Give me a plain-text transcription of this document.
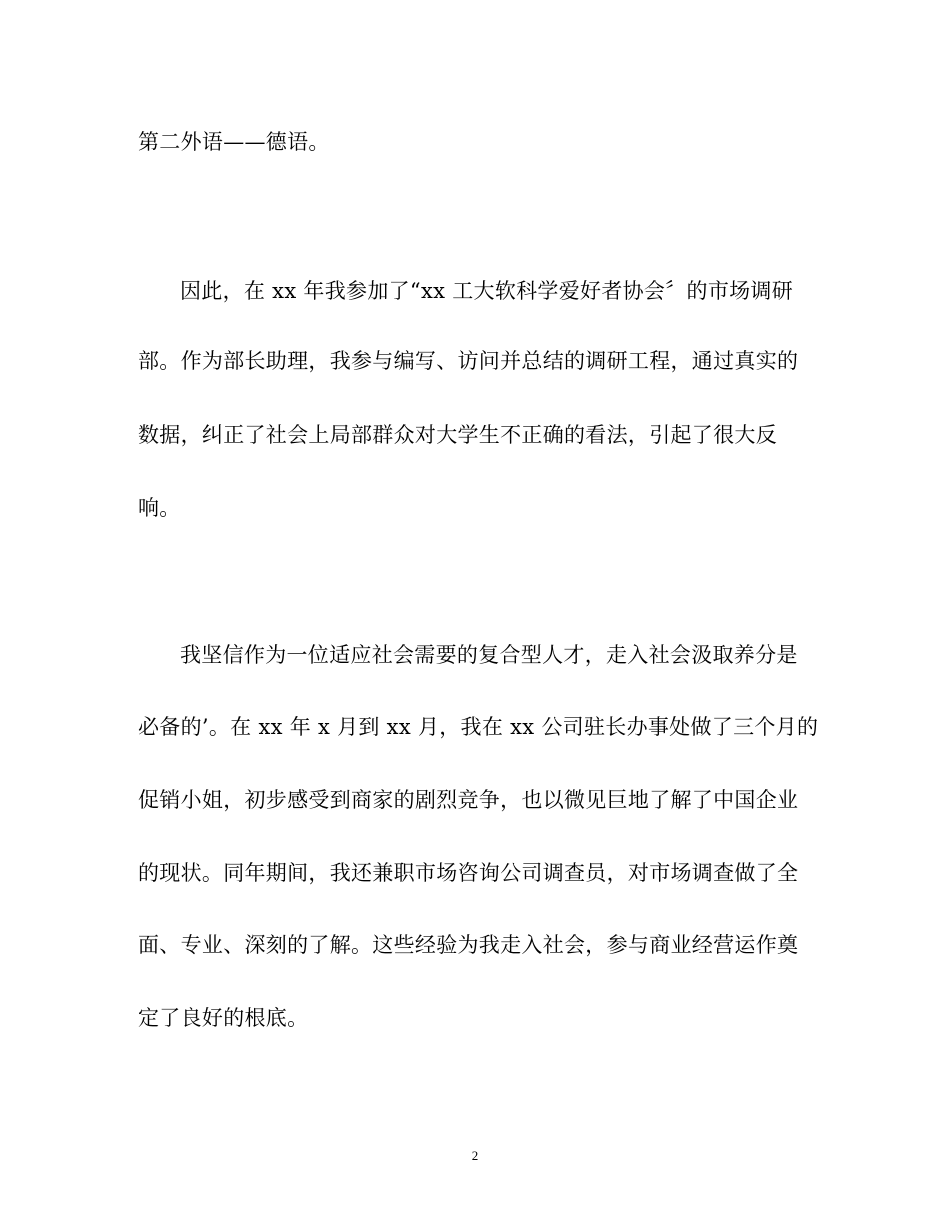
第二外语——德语。
因此，在 xx 年我参加了“xx 工大软科学爱好者协会〞的市场调研
部。作为部长助理，我参与编写、访问并总结的调研工程，通过真实的
数据，纠正了社会上局部群众对大学生不正确的看法，引起了很大反
响。
我坚信作为一位适应社会需要的复合型人才，走入社会汲取养分是
必备的’。在 xx 年 x 月到 xx 月，我在 xx 公司驻长办事处做了三个月的
促销小姐，初步感受到商家的剧烈竞争，也以微见巨地了解了中国企业
的现状。同年期间，我还兼职市场咨询公司调查员，对市场调查做了全
面、专业、深刻的了解。这些经验为我走入社会，参与商业经营运作奠
定了良好的根底。
2
